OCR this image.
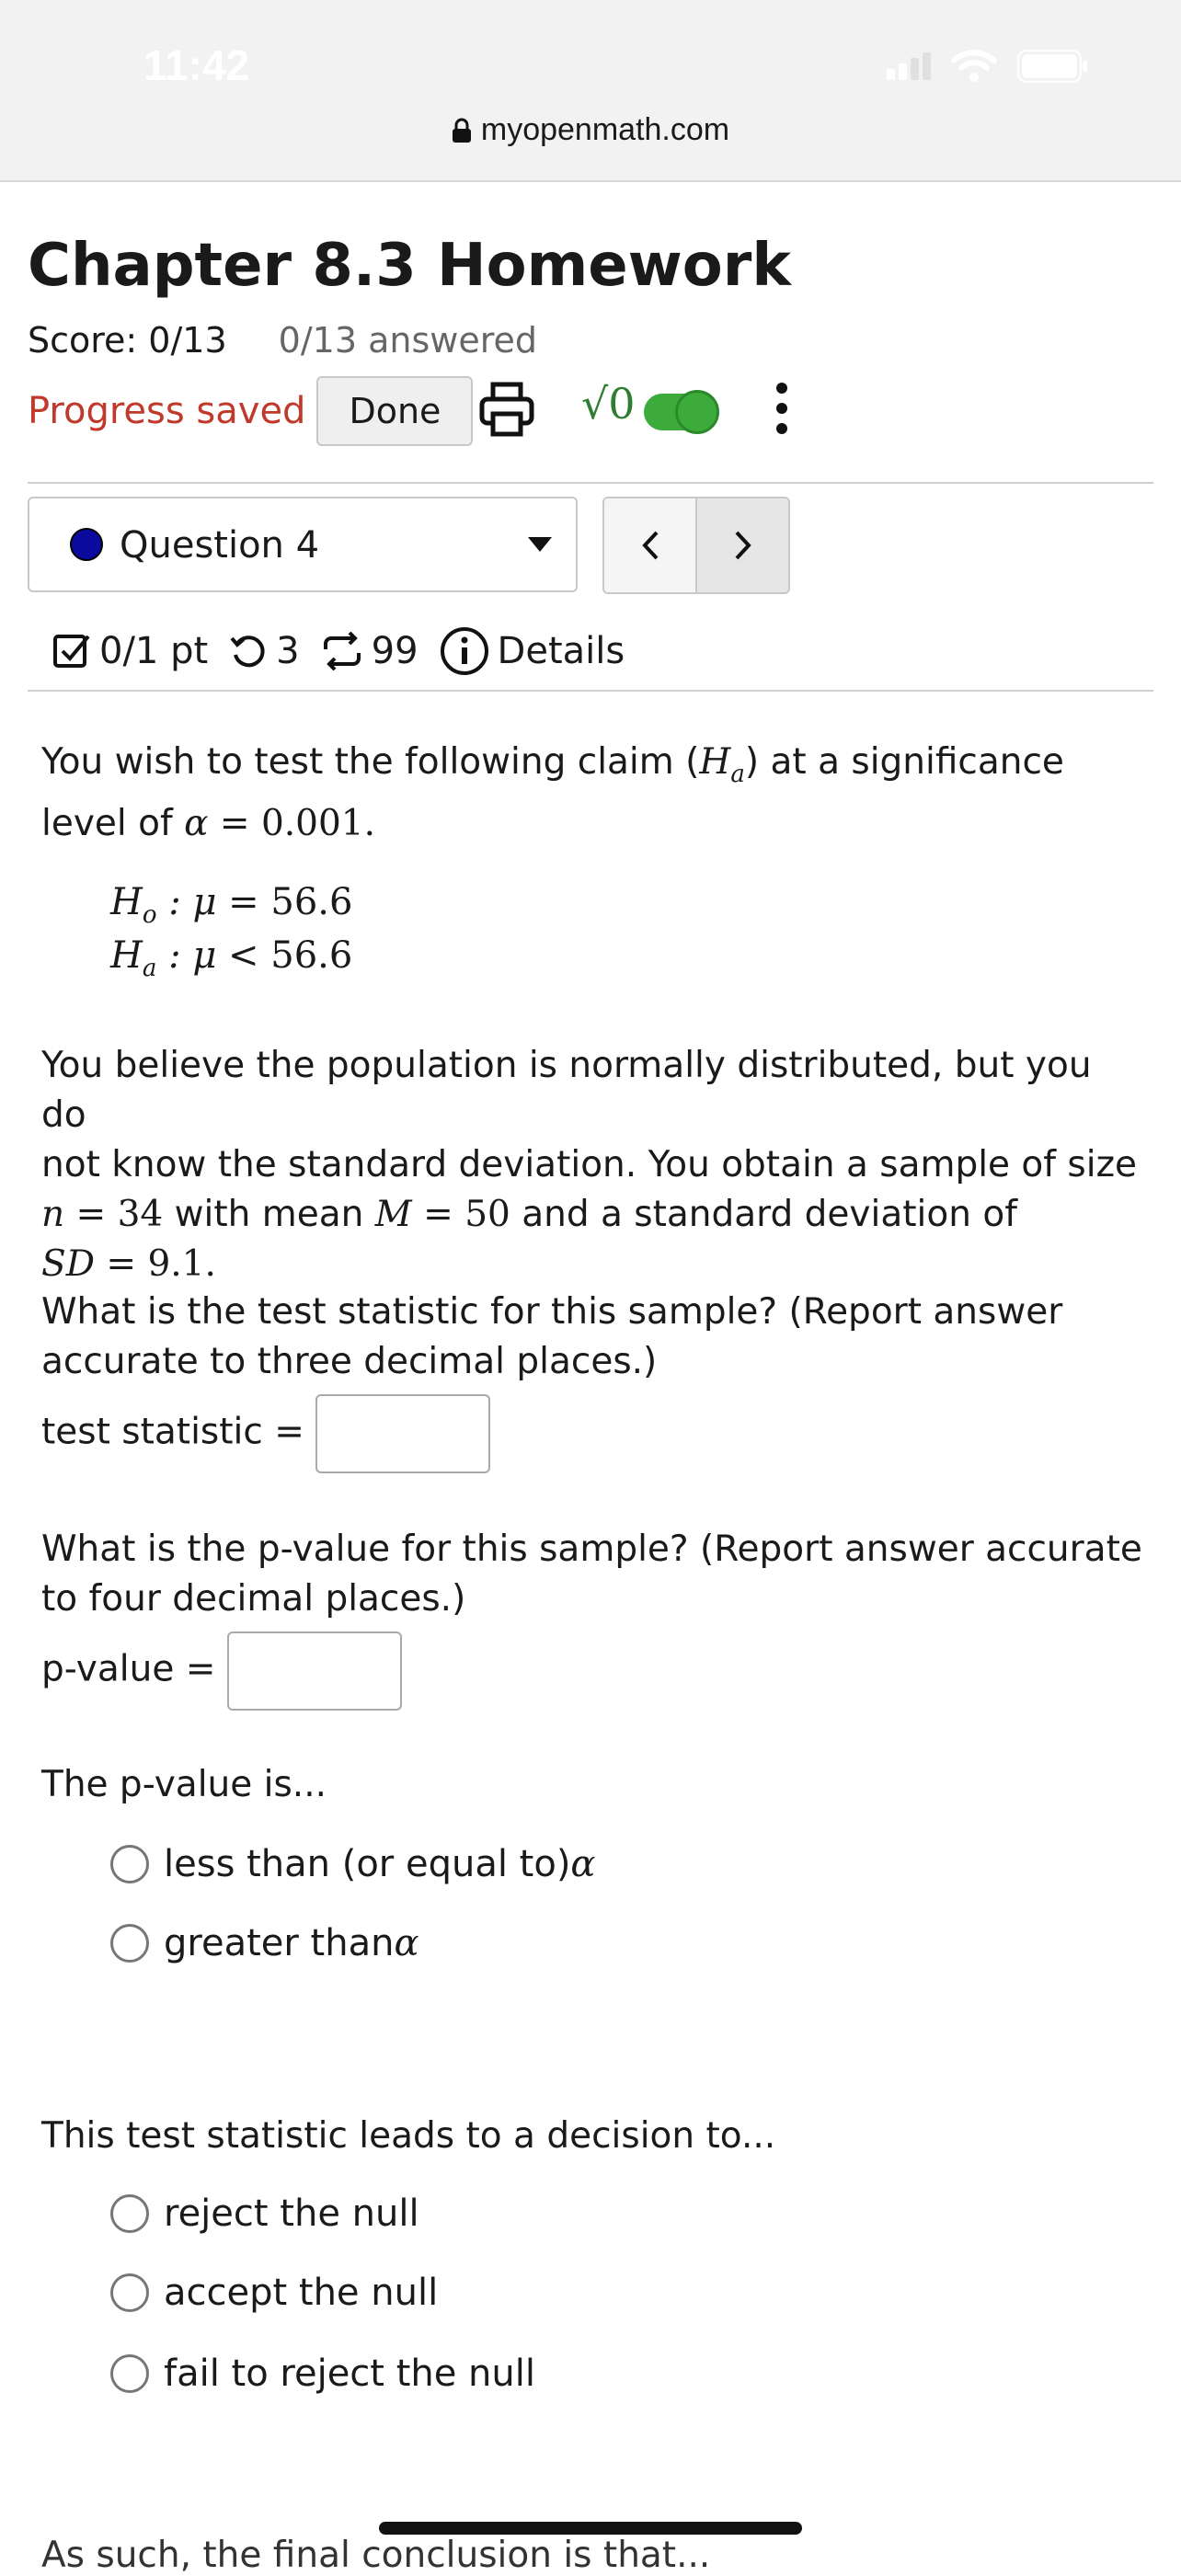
11:42
myopenmath.com
Chapter 8.3 Homework
Score: 0/13 0/13 answered
Progress saved	Done	√0
Question 4
0/1 pt 3 99 Details

You wish to test the following claim $(H_a)$ at a significance

level of α = 0.001.

$H_o$ : μ = 56.6
$H_a$ : μ < 56.6

You believe the population is normally distributed, but you do

not know the standard deviation. You obtain a sample of size

n = 34 with mean M = 50 and a standard deviation of

SD = 9.1.

What is the test statistic for this sample? (Report answer

accurate to three decimal places.)

test statistic =

What is the p-value for this sample? (Report answer accurate

to four decimal places.)

p-value =

The p-value is...
less than (or equal to) α
greater than α
This test statistic leads to a decision to...
reject the null
accept the null
fail to reject the null
As such, the final conclusion is that...
